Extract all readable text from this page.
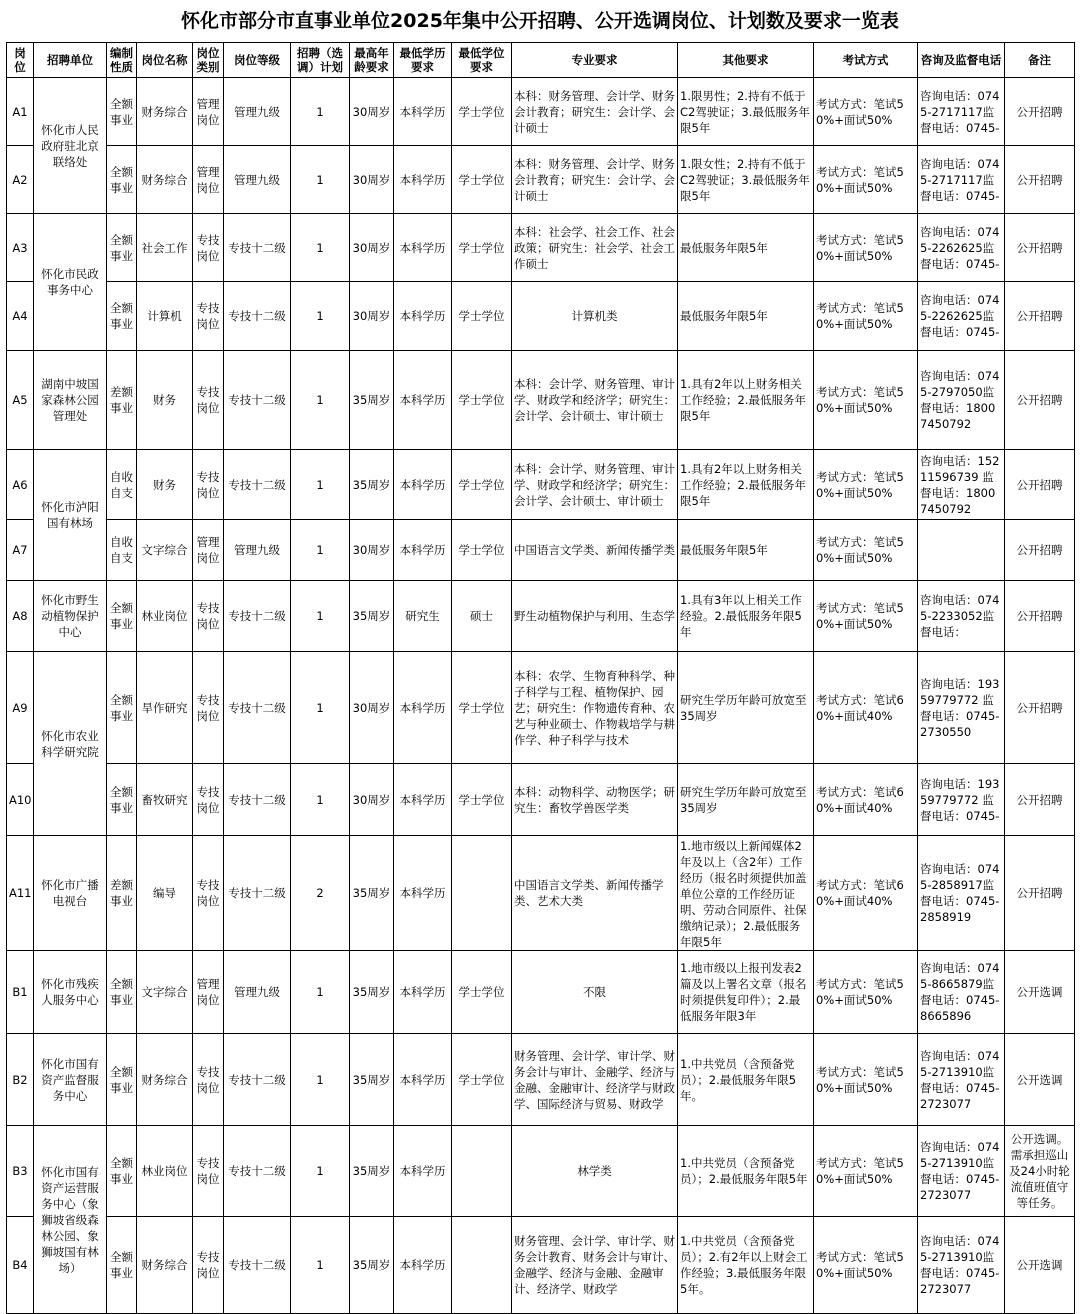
怀化市部分市直事业单位2025年集中公开招聘、公开选调岗位、计划数及要求一览表
岗位	招聘单位	编制性质	岗位名称	岗位类别	岗位等级	招聘（选调）计划	最高年龄要求	最低学历要求	最低学位要求	专业要求	其他要求	考试方式	咨询及监督电话	备注
A1	怀化市人民政府驻北京联络处	全额事业	财务综合	管理岗位	管理九级	1	30周岁	本科学历	学士学位	本科：财务管理、会计学、财务会计教育；研究生：会计学、会计硕士	1.限男性；2.持有不低于C2驾驶证；3.最低服务年限5年	考试方式：笔试50%+面试50%	咨询电话：0745-2717117监督电话：0745-	公开招聘
A2		全额事业	财务综合	管理岗位	管理九级	1	30周岁	本科学历	学士学位	本科：财务管理、会计学、财务会计教育；研究生：会计学、会计硕士	1.限女性；2.持有不低于C2驾驶证；3.最低服务年限5年	考试方式：笔试50%+面试50%	咨询电话：0745-2717117监督电话：0745-	公开招聘
A3	怀化市民政事务中心	全额事业	社会工作	专技岗位	专技十二级	1	30周岁	本科学历	学士学位	本科：社会学、社会工作、社会政策；研究生：社会学、社会工作硕士	最低服务年限5年	考试方式：笔试50%+面试50%	咨询电话：0745-2262625监督电话：0745-	公开招聘
A4		全额事业	计算机	专技岗位	专技十二级	1	30周岁	本科学历	学士学位	计算机类	最低服务年限5年	考试方式：笔试50%+面试50%	咨询电话：0745-2262625监督电话：0745-	公开招聘
A5	湖南中坡国家森林公园管理处	差额事业	财务	专技岗位	专技十二级	1	35周岁	本科学历	学士学位	本科：会计学、财务管理、审计学、财政学和经济学；研究生：会计学、会计硕士、审计硕士	1.具有2年以上财务相关工作经验；2.最低服务年限5年	考试方式：笔试50%+面试50%	咨询电话：0745-2797050监督电话：18007450792	公开招聘
A6	怀化市泸阳国有林场	自收自支	财务	专技岗位	专技十二级	1	35周岁	本科学历	学士学位	本科：会计学、财务管理、审计学、财政学和经济学；研究生：会计学、会计硕士、审计硕士	1.具有2年以上财务相关工作经验；2.最低服务年限5年	考试方式：笔试50%+面试50%	咨询电话：15211596739 监督电话：18007450792	公开招聘
A7		自收自支	文字综合	管理岗位	管理九级	1	30周岁	本科学历	学士学位	中国语言文学类、新闻传播学类	最低服务年限5年	考试方式：笔试50%+面试50%		公开招聘
A8	怀化市野生动植物保护中心	全额事业	林业岗位	专技岗位	专技十二级	1	35周岁	研究生	硕士	野生动植物保护与利用、生态学	1.具有3年以上相关工作经验。2.最低服务年限5年	考试方式：笔试50%+面试50%	咨询电话：0745-2233052监督电话：	公开招聘
A9	怀化市农业科学研究院	全额事业	旱作研究	专技岗位	专技十二级	1	30周岁	本科学历	学士学位	本科：农学、生物育种科学、种子科学与工程、植物保护、园艺；研究生：作物遗传育种、农艺与种业硕士、作物栽培学与耕作学、种子科学与技术	研究生学历年龄可放宽至35周岁	考试方式：笔试60%+面试40%	咨询电话：19359779772 监督电话：0745-2730550	公开招聘
A10		全额事业	畜牧研究	专技岗位	专技十二级	1	30周岁	本科学历	学士学位	本科：动物科学、动物医学；研究生：畜牧学兽医学类	研究生学历年龄可放宽至35周岁	考试方式：笔试60%+面试40%	咨询电话：19359779772 监督电话：0745-	公开招聘
A11	怀化市广播电视台	差额事业	编导	专技岗位	专技十二级	2	35周岁	本科学历		中国语言文学类、新闻传播学类、艺术大类	1.地市级以上新闻媒体2年及以上（含2年）工作经历（报名时须提供加盖单位公章的工作经历证明、劳动合同原件、社保缴纳记录）；2.最低服务年限5年	考试方式：笔试60%+面试40%	咨询电话：0745-2858917监督电话：0745-2858919	公开招聘
B1	怀化市残疾人服务中心	全额事业	文字综合	管理岗位	管理九级	1	35周岁	本科学历	学士学位	不限	1.地市级以上报刊发表2篇及以上署名文章（报名时须提供复印件）；2.最低服务年限3年	考试方式：笔试50%+面试50%	咨询电话：0745-8665879监督电话：0745-8665896	公开选调
B2	怀化市国有资产监督服务中心	全额事业	财务综合	专技岗位	专技十二级	1	35周岁	本科学历	学士学位	财务管理、会计学、审计学、财务会计与审计、金融学、经济与金融、金融审计、经济学与财政学、国际经济与贸易、财政学	1.中共党员（含预备党员）；2.最低服务年限5年。	考试方式：笔试50%+面试50%	咨询电话：0745-2713910监督电话：0745-2723077	公开选调
B3	怀化市国有资产运营服务中心（象狮坡省级森林公园、象狮坡国有林场）	全额事业	林业岗位	专技岗位	专技十二级	1	35周岁	本科学历		林学类	1.中共党员（含预备党员）；2.最低服务年限5年	考试方式：笔试50%+面试50%	咨询电话：0745-2713910监督电话：0745-2723077	公开选调。需承担巡山及24小时轮流值班值守等任务。
B4		全额事业	财务综合	专技岗位	专技十二级	1	35周岁	本科学历		财务管理、会计学、审计学、财务会计教育、财务会计与审计、金融学、经济与金融、金融审计、经济学、财政学	1.中共党员（含预备党员）；2.有2年以上财会工作经验；3.最低服务年限5年。	考试方式：笔试50%+面试50%	咨询电话：0745-2713910监督电话：0745-2723077	公开选调
